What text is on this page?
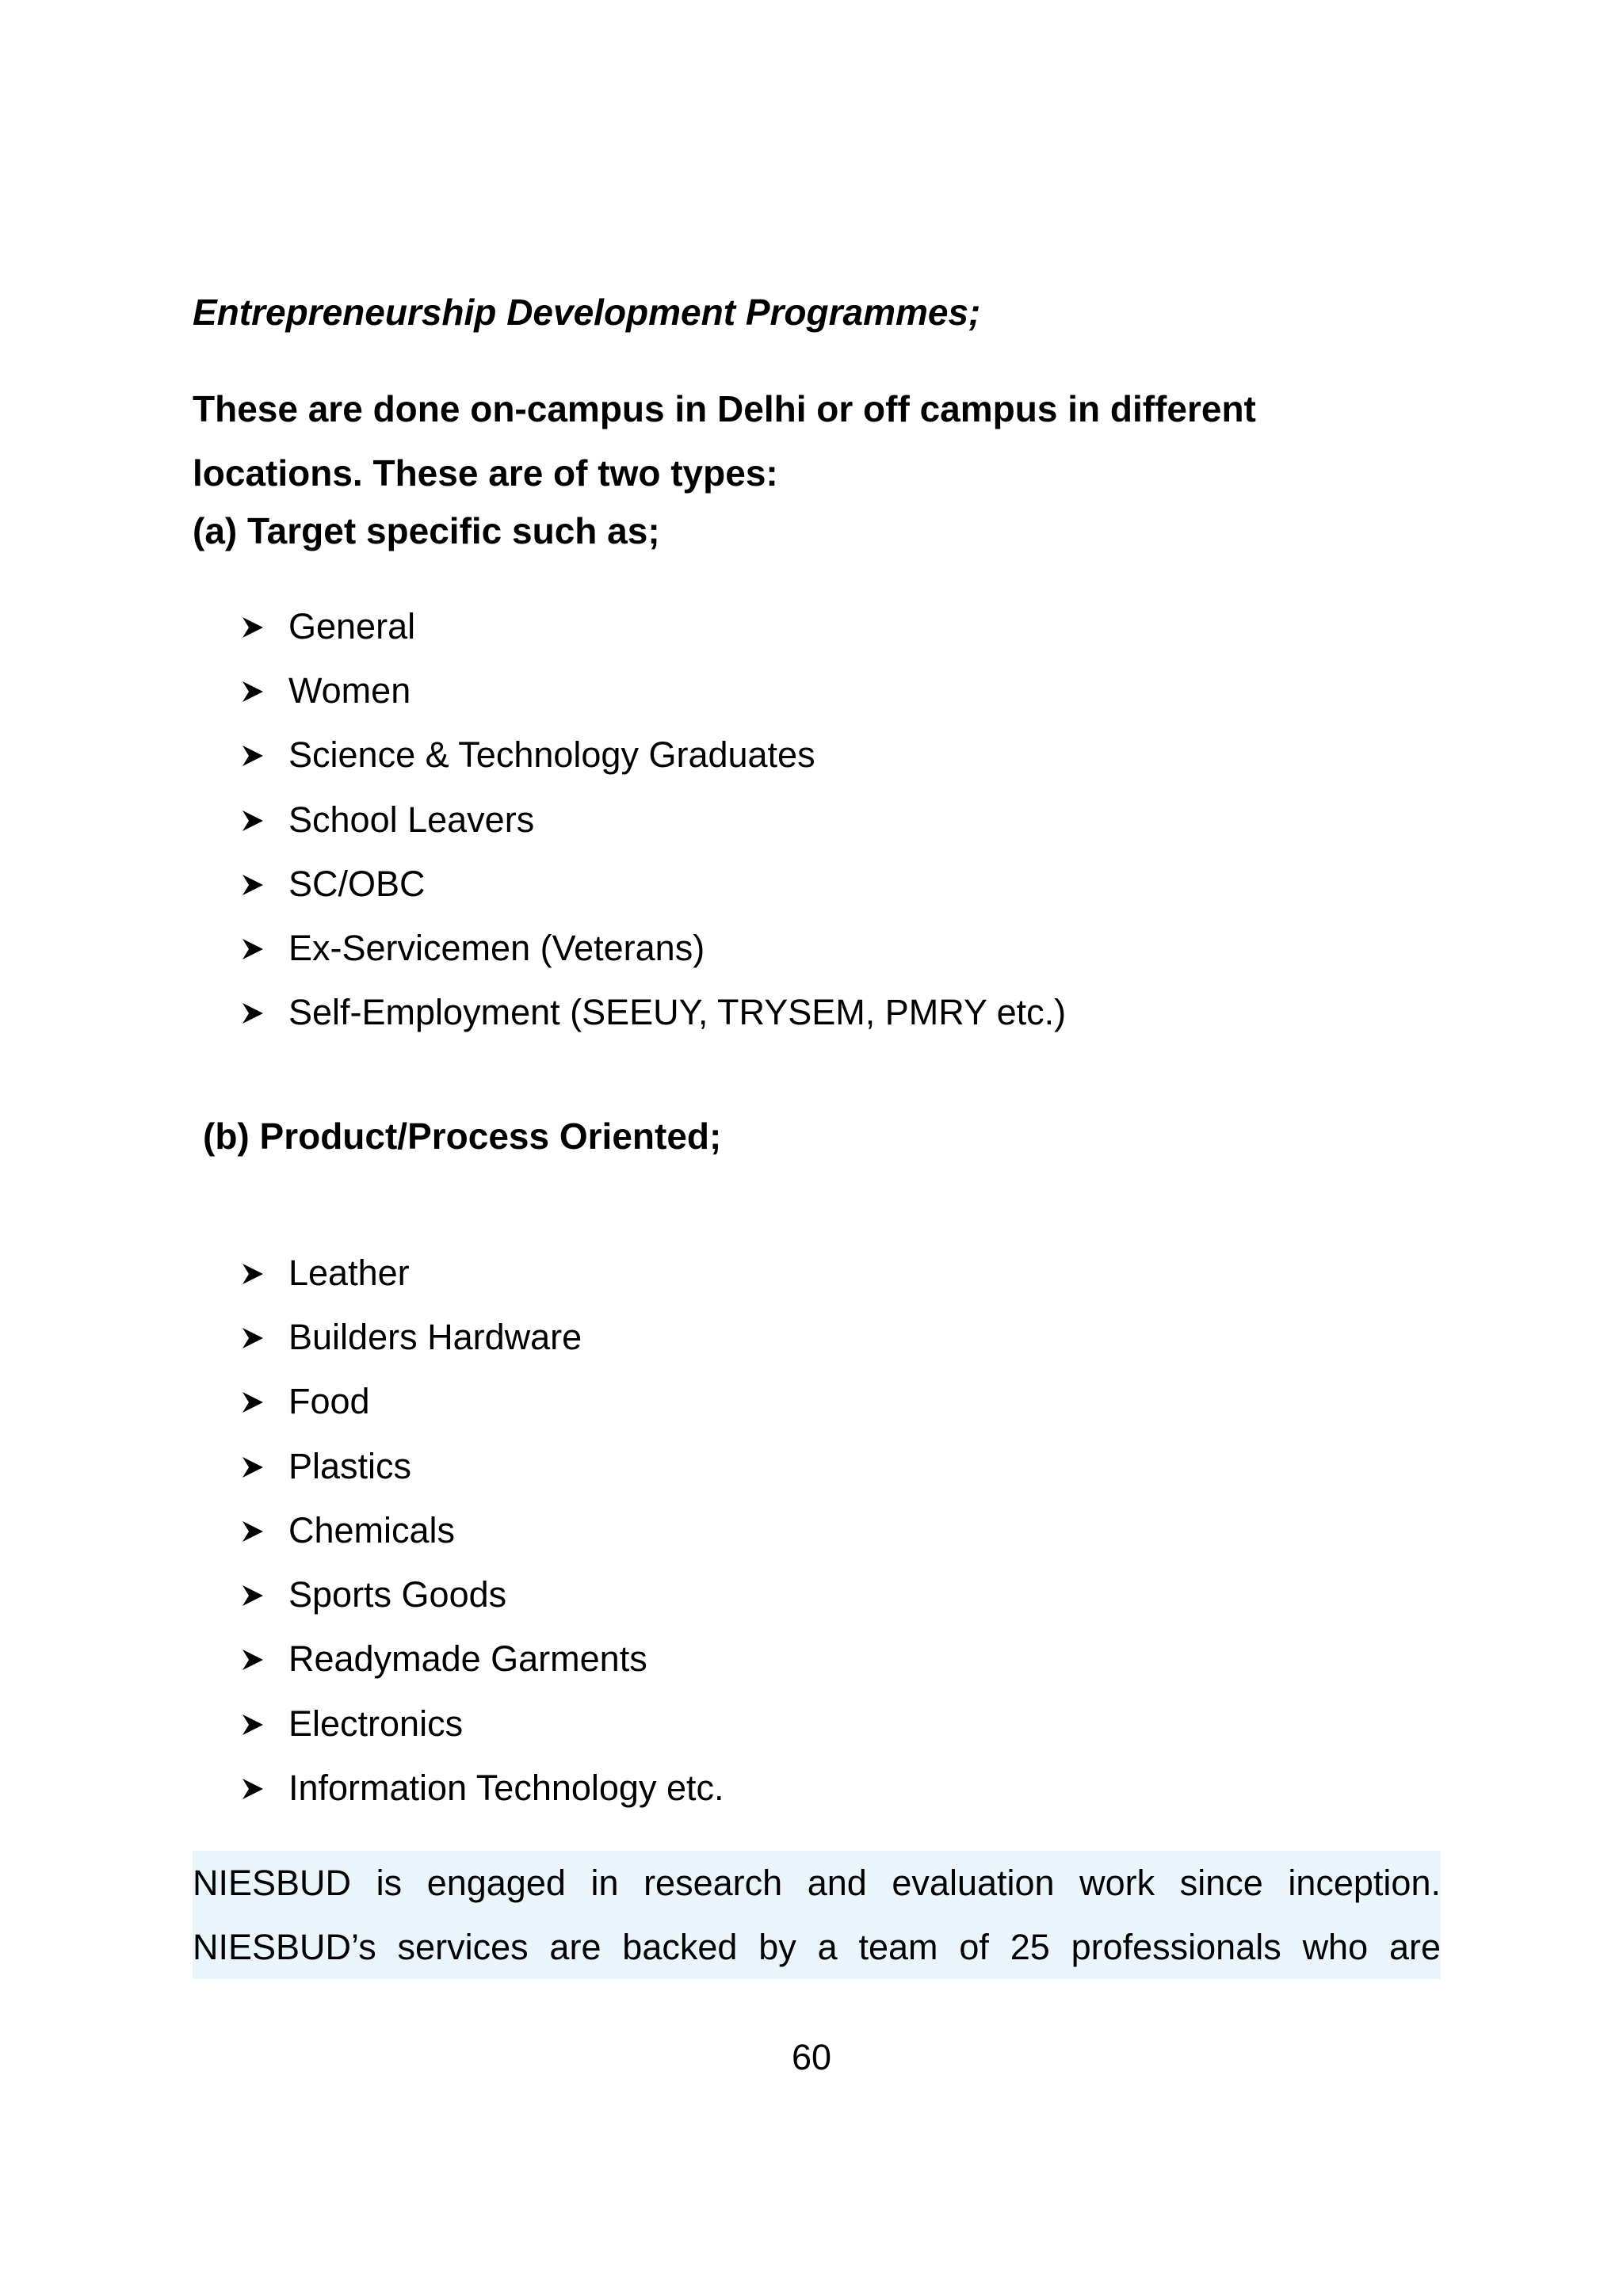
Entrepreneurship Development Programmes;

These are done on-campus in Delhi or off campus in different
locations. These are of two types:

(a) Target specific such as;
General
Women
Science & Technology Graduates
School Leavers
SC/OBC
Ex-Servicemen (Veterans)
Self-Employment (SEEUY, TRYSEM, PMRY etc.)
(b) Product/Process Oriented;
Leather
Builders Hardware
Food
Plastics
Chemicals
Sports Goods
Readymade Garments
Electronics
Information Technology etc.

NIESBUD is engaged in research and evaluation work since inception.
NIESBUD’s services are backed by a team of 25 professionals who are

60
